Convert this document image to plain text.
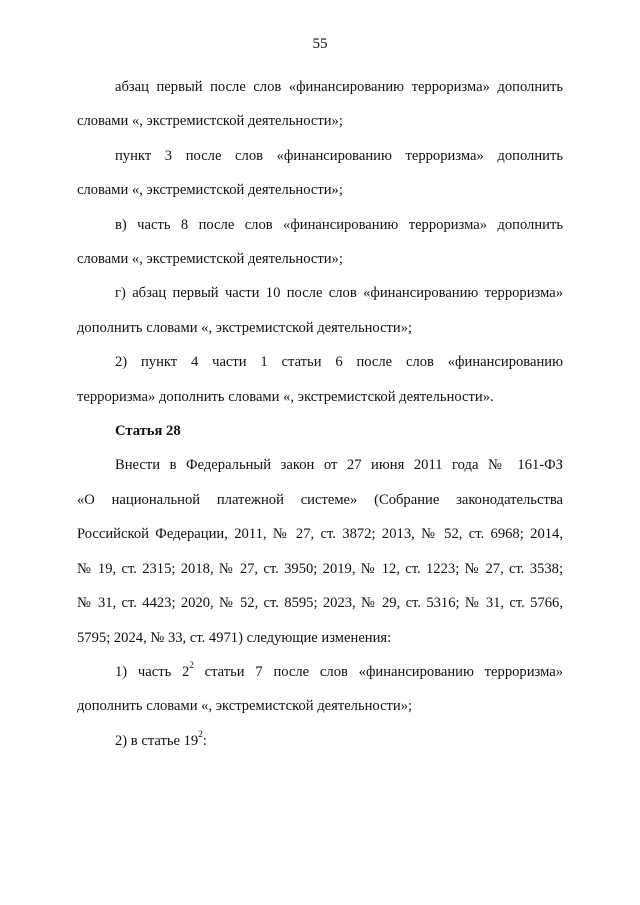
55
абзац первый после слов «финансированию терроризма» дополнить
словами «, экстремистской деятельности»;
пункт 3 после слов «финансированию терроризма» дополнить
словами «, экстремистской деятельности»;
в) часть 8 после слов «финансированию терроризма» дополнить
словами «, экстремистской деятельности»;
г) абзац первый части 10 после слов «финансированию терроризма»
дополнить словами «, экстремистской деятельности»;
2) пункт 4 части 1 статьи 6 после слов «финансированию
терроризма» дополнить словами «, экстремистской деятельности».
Статья 28
Внести в Федеральный закон от 27 июня 2011 года № 161-ФЗ
«О национальной платежной системе» (Собрание законодательства
Российской Федерации, 2011, № 27, ст. 3872; 2013, № 52, ст. 6968; 2014,
№ 19, ст. 2315; 2018, № 27, ст. 3950; 2019, № 12, ст. 1223; № 27, ст. 3538;
№ 31, ст. 4423; 2020, № 52, ст. 8595; 2023, № 29, ст. 5316; № 31, ст. 5766,
5795; 2024, № 33, ст. 4971) следующие изменения:
1) часть $2^2$ статьи 7 после слов «финансированию терроризма»
дополнить словами «, экстремистской деятельности»;
2) в статье $19^2$:
